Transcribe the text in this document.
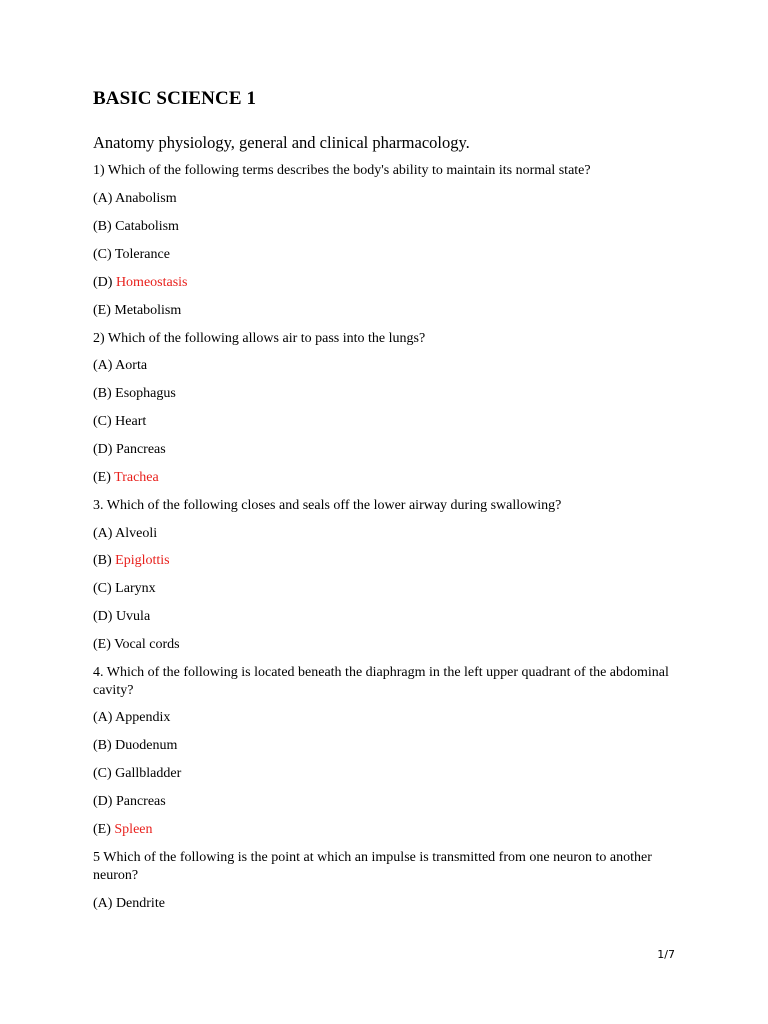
BASIC SCIENCE 1
Anatomy physiology, general and clinical pharmacology.
1) Which of the following terms describes the body's ability to maintain its normal state?
(A) Anabolism
(B) Catabolism
(C) Tolerance
(D) Homeostasis
(E) Metabolism
2) Which of the following allows air to pass into the lungs?
(A) Aorta
(B) Esophagus
(C) Heart
(D) Pancreas
(E) Trachea
3. Which of the following closes and seals off the lower airway during swallowing?
(A) Alveoli
(B) Epiglottis
(C) Larynx
(D) Uvula
(E) Vocal cords
4. Which of the following is located beneath the diaphragm in the left upper quadrant of the abdominal cavity?
(A) Appendix
(B) Duodenum
(C) Gallbladder
(D) Pancreas
(E) Spleen
5 Which of the following is the point at which an impulse is transmitted from one neuron to another neuron?
(A) Dendrite
1/7
